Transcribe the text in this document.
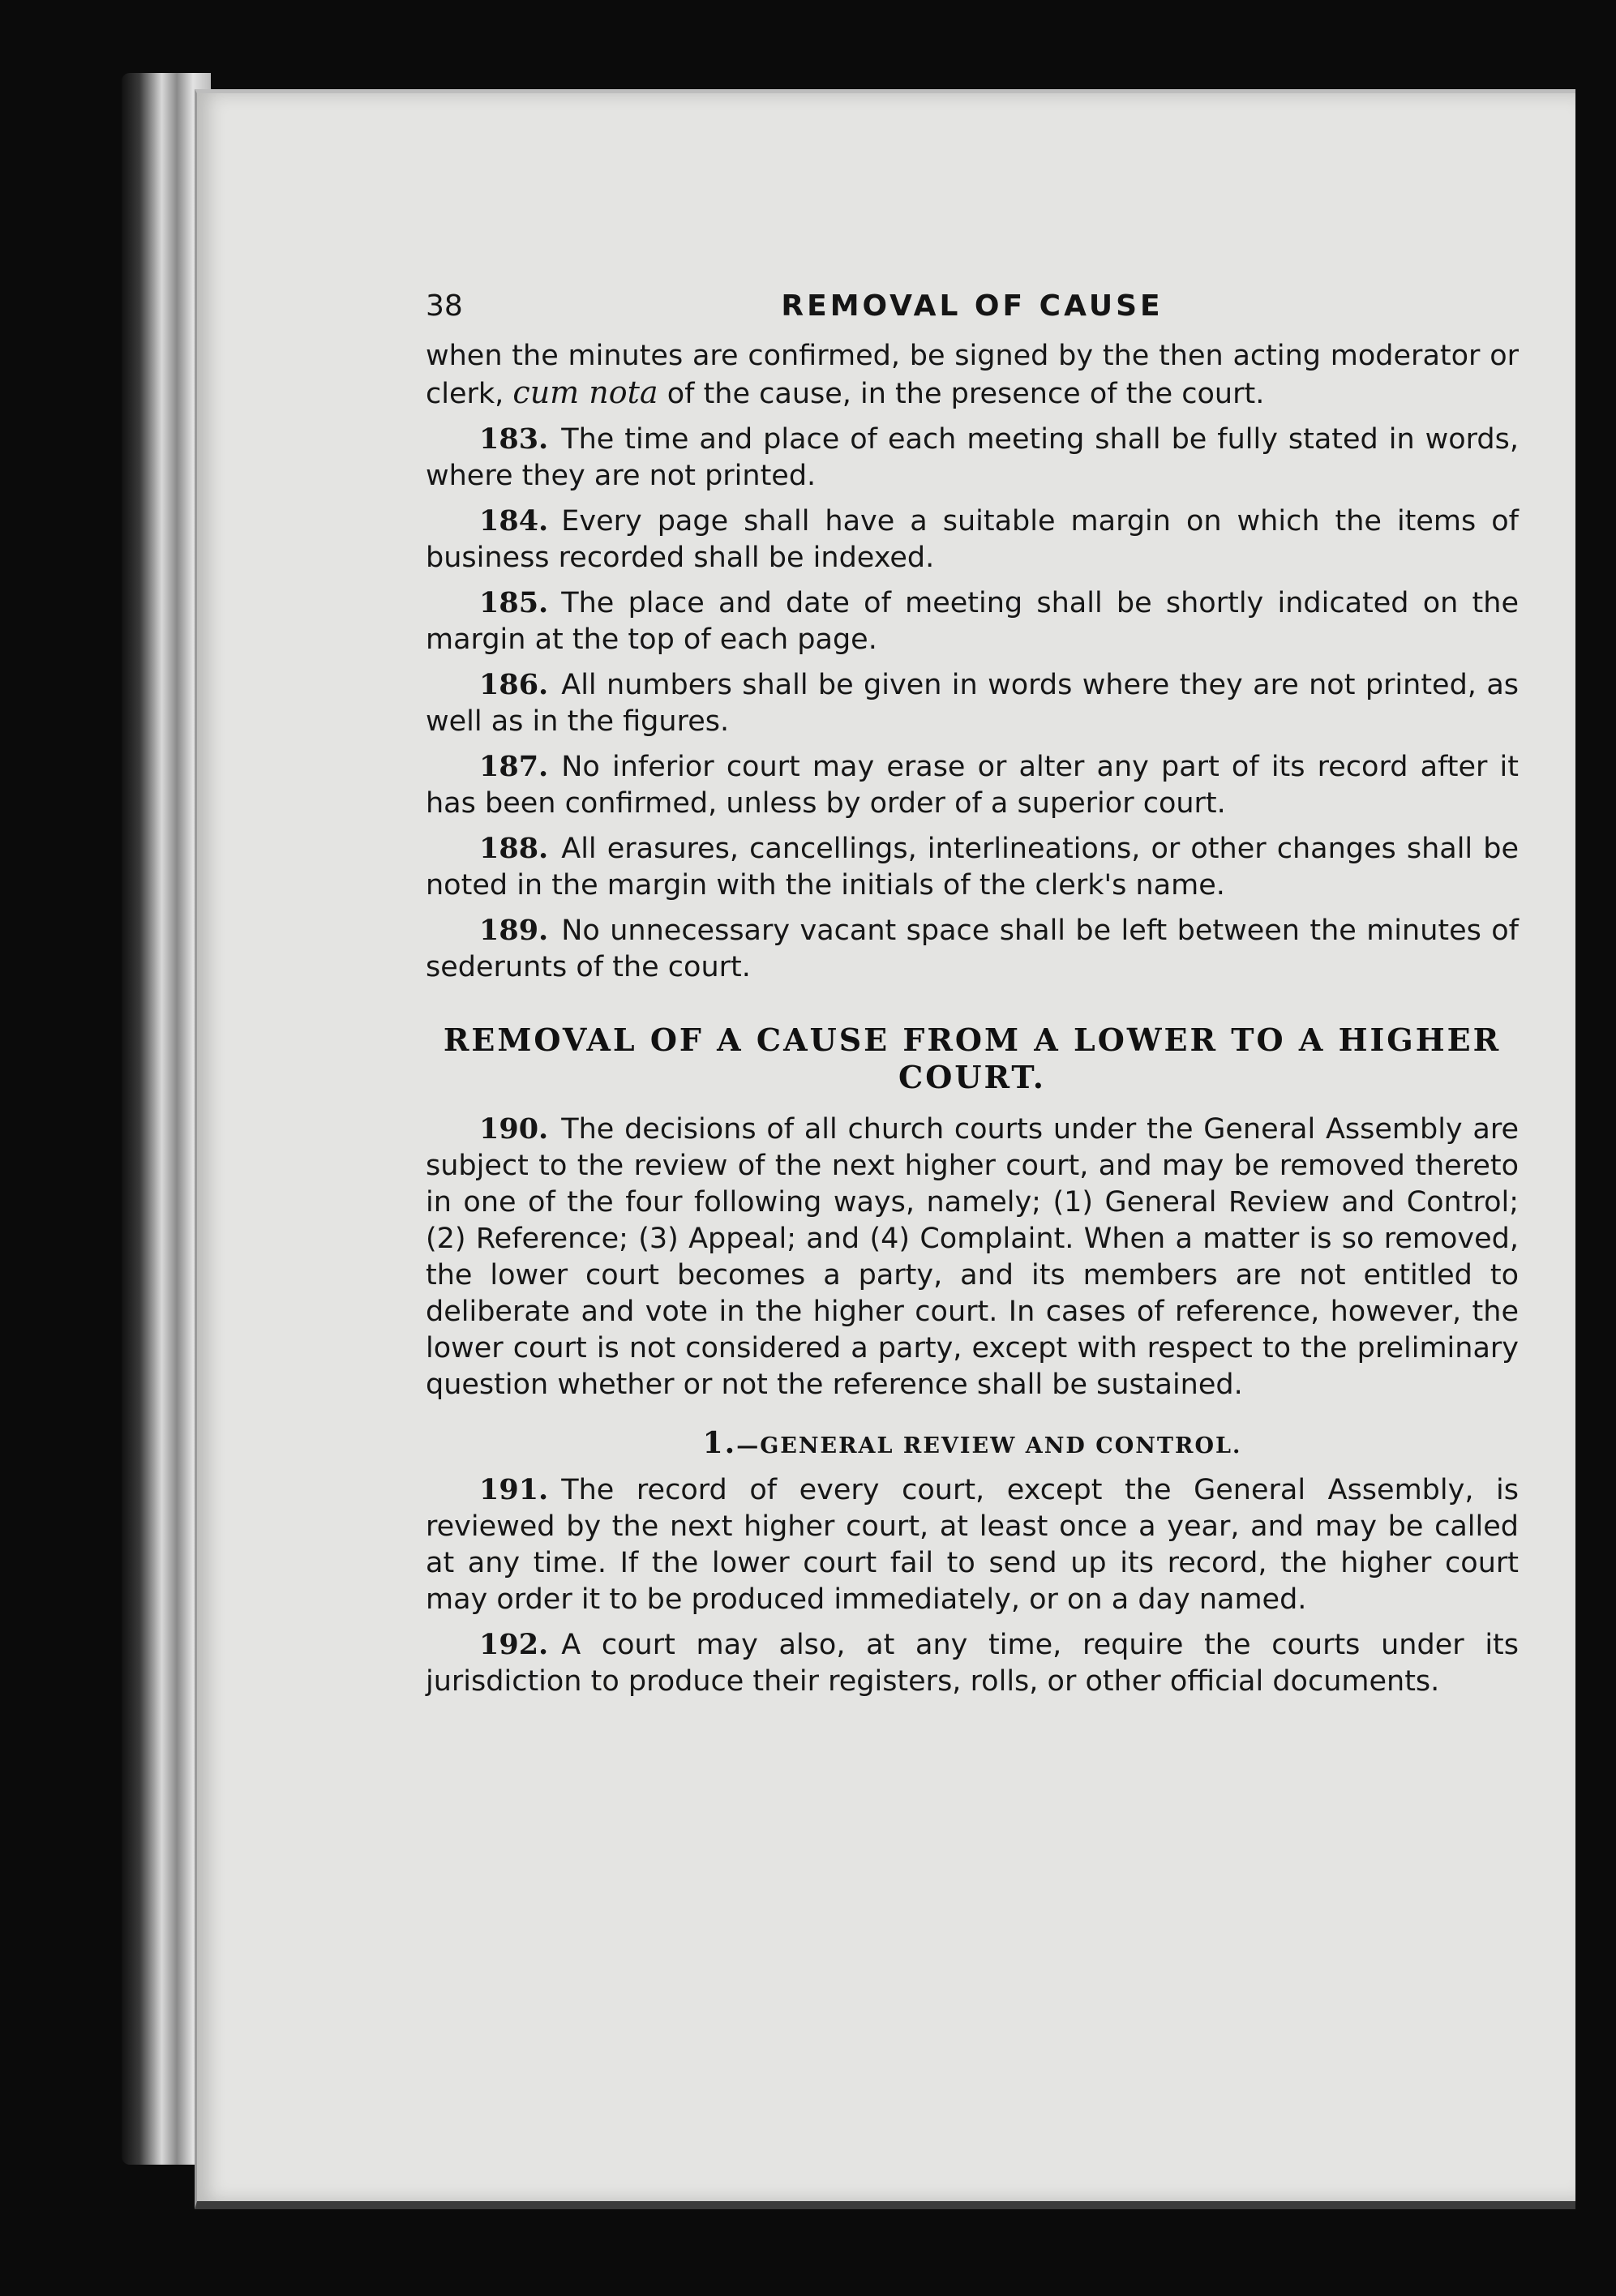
38	REMOVAL OF CAUSE

when the minutes are confirmed, be signed by the then acting moderator or clerk, cum nota of the cause, in the presence of the court.

183. The time and place of each meeting shall be fully stated in words, where they are not printed.

184. Every page shall have a suitable margin on which the items of business recorded shall be indexed.

185. The place and date of meeting shall be shortly indicated on the margin at the top of each page.

186. All numbers shall be given in words where they are not printed, as well as in the figures.

187. No inferior court may erase or alter any part of its record after it has been confirmed, unless by order of a superior court.

188. All erasures, cancellings, interlineations, or other changes shall be noted in the margin with the initials of the clerk's name.

189. No unnecessary vacant space shall be left between the minutes of sederunts of the court.

REMOVAL OF A CAUSE FROM A LOWER TO A HIGHER COURT.

190. The decisions of all church courts under the General Assembly are subject to the review of the next higher court, and may be removed thereto in one of the four following ways, namely; (1) General Review and Control; (2) Reference; (3) Appeal; and (4) Complaint. When a matter is so removed, the lower court becomes a party, and its members are not entitled to deliberate and vote in the higher court. In cases of reference, however, the lower court is not considered a party, except with respect to the preliminary question whether or not the reference shall be sustained.

1.—GENERAL REVIEW AND CONTROL.

191. The record of every court, except the General Assembly, is reviewed by the next higher court, at least once a year, and may be called at any time. If the lower court fail to send up its record, the higher court may order it to be produced immediately, or on a day named.

192. A court may also, at any time, require the courts under its jurisdiction to produce their registers, rolls, or other official documents.
